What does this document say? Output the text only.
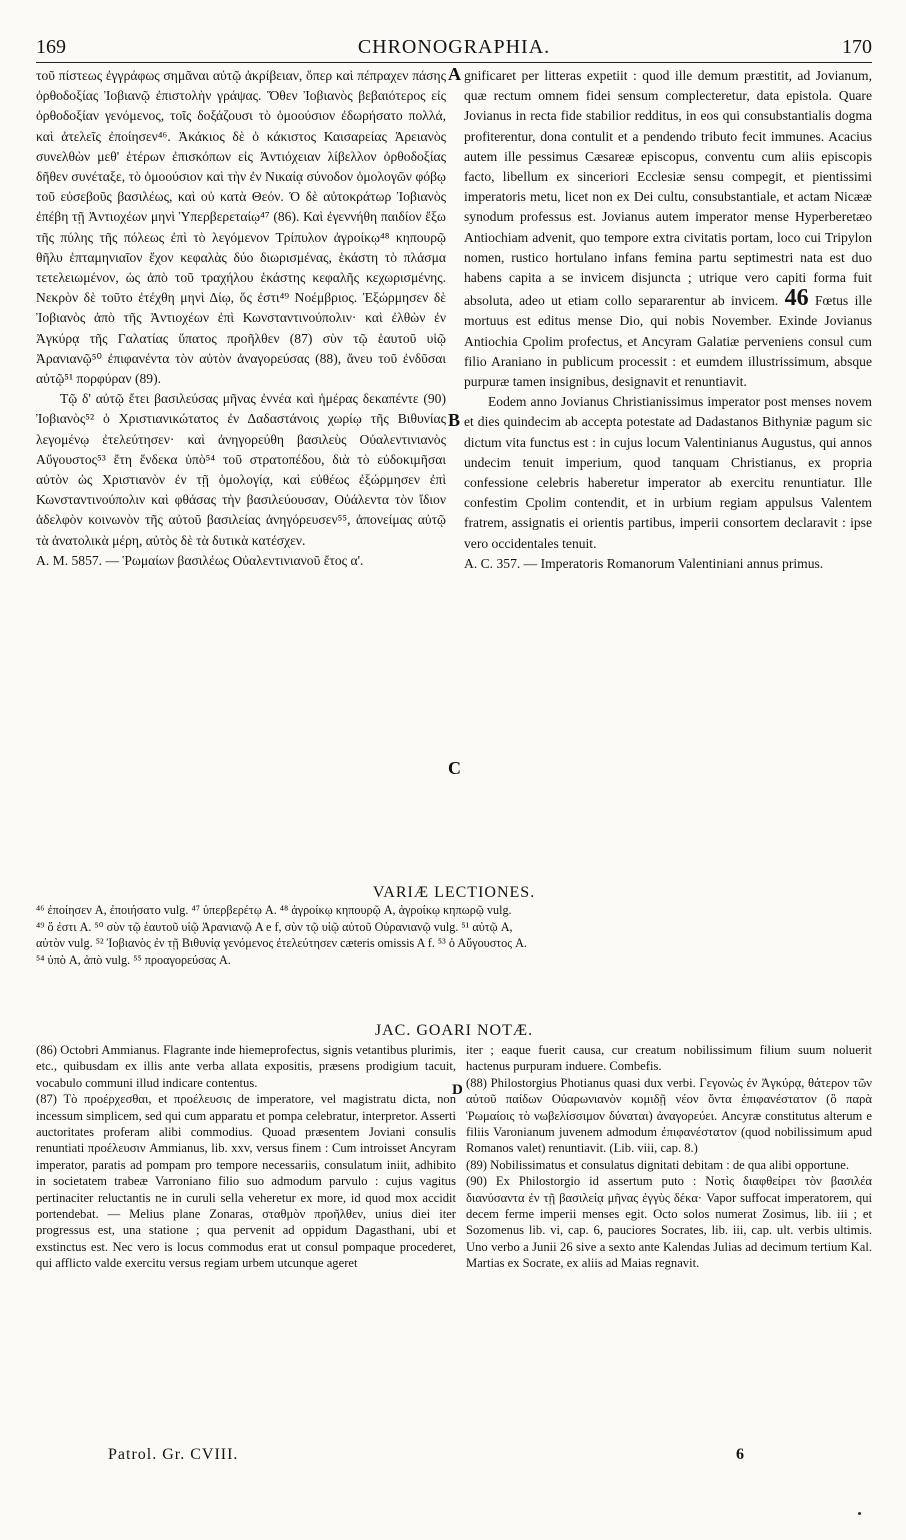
169	CHRONOGRAPHIA.	170

τοῦ πίστεως ἐγγράφως σημᾶναι αὐτῷ ἀκρίβειαν, ὅπερ καὶ πέπραχεν πάσης ὀρθοδοξίας Ἰοβιανῷ ἐπιστολὴν γράψας. Ὅθεν Ἰοβιανὸς βεβαιότερος εἰς ὀρθοδοξίαν γενόμενος, τοῖς δοξάζουσι τὸ ὁμοούσιον ἐδωρήσατο πολλά, καὶ ἀτελεῖς ἐποίησεν⁴⁶. Ἀκάκιος δὲ ὁ κάκιστος Καισαρείας Ἀρειανὸς συνελθὼν μεθ' ἑτέρων ἐπισκόπων εἰς Ἀντιόχειαν λίβελλον ὀρθοδοξίας δῆθεν συνέταξε, τὸ ὁμοούσιον καὶ τὴν ἐν Νικαίᾳ σύνοδον ὁμολογῶν φόβῳ τοῦ εὐσεβοῦς βασιλέως, καὶ οὐ κατὰ Θεόν. Ὁ δὲ αὐτοκράτωρ Ἰοβιανὸς ἐπέβη τῇ Ἀντιοχέων μηνὶ Ὑπερβερεταίῳ⁴⁷ (86). Καὶ ἐγεννήθη παιδίον ἔξω τῆς πύλης τῆς πόλεως ἐπὶ τὸ λεγόμενον Τρίπυλον ἀγροίκῳ⁴⁸ κηπουρῷ θῆλυ ἑπταμηνιαῖον ἔχον κεφαλὰς δύο διωρισμένας, ἑκάστη τὸ πλάσμα τετελειωμένον, ὡς ἀπὸ τοῦ τραχήλου ἑκάστης κεφαλῆς κεχωρισμένης. Νεκρὸν δὲ τοῦτο ἐτέχθη μηνὶ Δίῳ, ὅς ἐστι⁴⁹ Νοέμβριος. Ἐξώρμησεν δὲ Ἰοβιανὸς ἀπὸ τῆς Ἀντιοχέων ἐπὶ Κωνσταντινούπολιν· καὶ ἐλθὼν ἐν Ἀγκύρᾳ τῆς Γαλατίας ὕπατος προῆλθεν (87) σὺν τῷ ἑαυτοῦ υἱῷ Ἀρανιανῷ⁵⁰ ἐπιφανέντα τὸν αὐτὸν ἀναγορεύσας (88), ἄνευ τοῦ ἐνδῦσαι αὐτῷ⁵¹ πορφύραν (89).

Τῷ δ' αὐτῷ ἔτει βασιλεύσας μῆνας ἐννέα καὶ ἡμέρας δεκαπέντε (90) Ἰοβιανὸς⁵² ὁ Χριστιανικώτατος ἐν Δαδαστάνοις χωρίῳ τῆς Βιθυνίας λεγομένῳ ἐτελεύτησεν· καὶ ἀνηγορεύθη βασιλεὺς Οὐαλεντινιανὸς Αὔγουστος⁵³ ἔτη ἕνδεκα ὑπὸ⁵⁴ τοῦ στρατοπέδου, διὰ τὸ εὐδοκιμῆσαι αὐτὸν ὡς Χριστιανὸν ἐν τῇ ὁμολογίᾳ, καὶ εὐθέως ἐξώρμησεν ἐπὶ Κωνσταντινούπολιν καὶ φθάσας τὴν βασιλεύουσαν, Οὐάλεντα τὸν ἴδιον ἀδελφὸν κοινωνὸν τῆς αὐτοῦ βασιλείας ἀνηγόρευσεν⁵⁵, ἀπονείμας αὐτῷ τὰ ἀνατολικὰ μέρη, αὐτὸς δὲ τὰ δυτικὰ κατέσχεν.

A. M. 5857. — Ῥωμαίων βασιλέως Οὐαλεντινιανοῦ ἔτος α'.

gnificaret per litteras expetiit : quod ille demum præstitit, ad Jovianum, quæ rectum omnem fidei sensum complecteretur, data epistola. Quare Jovianus in recta fide stabilior redditus, in eos qui consubstantialis dogma profiterentur, dona contulit et a pendendo tributo fecit immunes. Acacius autem ille pessimus Cæsareæ episcopus, conventu cum aliis episcopis facto, libellum ex sinceriori Ecclesiæ sensu compegit, et pientissimi imperatoris metu, licet non ex Dei cultu, consubstantiale, et actam Nicææ synodum professus est. Jovianus autem imperator mense Hyperberetæo Antiochiam advenit, quo tempore extra civitatis portam, loco cui Tripylon nomen, rustico hortulano infans femina partu septimestri nata est duo habens capita a se invicem disjuncta ; utrique vero capiti forma fuit absoluta, adeo ut etiam collo separarentur ab invicem. 46 Fœtus ille mortuus est editus mense Dio, qui nobis November. Exinde Jovianus Antiochia Cpolim profectus, et Ancyram Galatiæ perveniens consul cum filio Araniano in publicum processit : et eumdem illustrissimum, absque purpuræ tamen insignibus, designavit et renuntiavit.

Eodem anno Jovianus Christianissimus imperator post menses novem et dies quindecim ab accepta potestate ad Dadastanos Bithyniæ pagum sic dictum vita functus est : in cujus locum Valentinianus Augustus, qui annos undecim tenuit imperium, quod tanquam Christianus, ex propria confessione celebris haberetur imperator ab exercitu renuntiatur. Ille confestim Cpolim contendit, et in urbium regiam appulsus Valentem fratrem, assignatis ei orientis partibus, imperii consortem declaravit : ipse vero occidentales tenuit.

A. C. 357. — Imperatoris Romanorum Valentiniani annus primus.

A
B
C
VARIÆ LECTIONES.

⁴⁶ ἐποίησεν A, ἐποιήσατο vulg. ⁴⁷ ὑπερβερέτῳ A. ⁴⁸ ἀγροίκῳ κηπουρῷ A, ἀγροίκῳ κηπωρῷ vulg.

⁴⁹ ὅ ἐστι A. ⁵⁰ σὺν τῷ ἑαυτοῦ υἱῷ Ἀρανιανῷ A e f, σὺν τῷ υἱῷ αὐτοῦ Οὐρανιανῷ vulg. ⁵¹ αὐτῷ A,

αὐτὸν vulg. ⁵² Ἰοβιανὸς ἐν τῇ Βιθυνίᾳ γενόμενος ἐτελεύτησεν cæteris omissis A f. ⁵³ ὁ Αὔγουστος A.

⁵⁴ ὑπὸ A, ἀπὸ vulg. ⁵⁵ προαγορεύσας A.

JAC. GOARI NOTÆ.

(86) Octobri Ammianus. Flagrante inde hiemeprofectus, signis vetantibus plurimis, etc., quibusdam ex illis ante verba allata expositis, præsens prodigium tacuit, vocabulo communi illud indicare contentus.

(87) Τὸ προέρχεσθαι, et προέλευσις de imperatore, vel magistratu dicta, non incessum simplicem, sed qui cum apparatu et pompa celebratur, interpretor. Asserti auctoritates proferam alibi commodius. Quoad præsentem Joviani consulis renuntiati προέλευσιν Ammianus, lib. xxv, versus finem : Cum introisset Ancyram imperator, paratis ad pompam pro tempore necessariis, consulatum iniit, adhibito in societatem trabeæ Varroniano filio suo admodum parvulo : cujus vagitus pertinaciter reluctantis ne in curuli sella veheretur ex more, id quod mox accidit portendebat. — Melius plane Zonaras, σταθμὸν προῆλθεν, unius diei iter progressus est, una statione ; qua pervenit ad oppidum Dagasthani, ubi et exstinctus est. Nec vero is locus commodus erat ut consul pompaque procederet, qui afflicto valde exercitu versus regiam urbem utcunque ageret

iter ; eaque fuerit causa, cur creatum nobilissimum filium suum noluerit hactenus purpuram induere. Combefis.

(88) Philostorgius Photianus quasi dux verbi. Γεγονὼς ἐν Ἀγκύρᾳ, θάτερον τῶν αὐτοῦ παίδων Οὐαρωνιανὸν κομιδῇ νέον ὄντα ἐπιφανέστατον (ὃ παρὰ Ῥωμαίοις τὸ νωβελίσσιμον δύναται) ἀναγορεύει. Ancyræ constitutus alterum e filiis Varonianum juvenem admodum ἐπιφανέστατον (quod nobilissimum apud Romanos valet) renuntiavit. (Lib. viii, cap. 8.)

(89) Nobilissimatus et consulatus dignitati debitam : de qua alibi opportune.

(90) Ex Philostorgio id assertum puto : Νοτὶς διαφθείρει τὸν βασιλέα διανύσαντα ἐν τῇ βασιλείᾳ μῆνας ἐγγὺς δέκα· Vapor suffocat imperatorem, qui decem ferme imperii menses egit. Octo solos numerat Zosimus, lib. iii ; et Sozomenus lib. vi, cap. 6, pauciores Socrates, lib. iii, cap. ult. verbis ultimis. Uno verbo a Junii 26 sive a sexto ante Kalendas Julias ad decimum tertium Kal. Martias ex Socrate, ex aliis ad Maias regnavit.

D
Patrol. Gr. CVIII.	6
